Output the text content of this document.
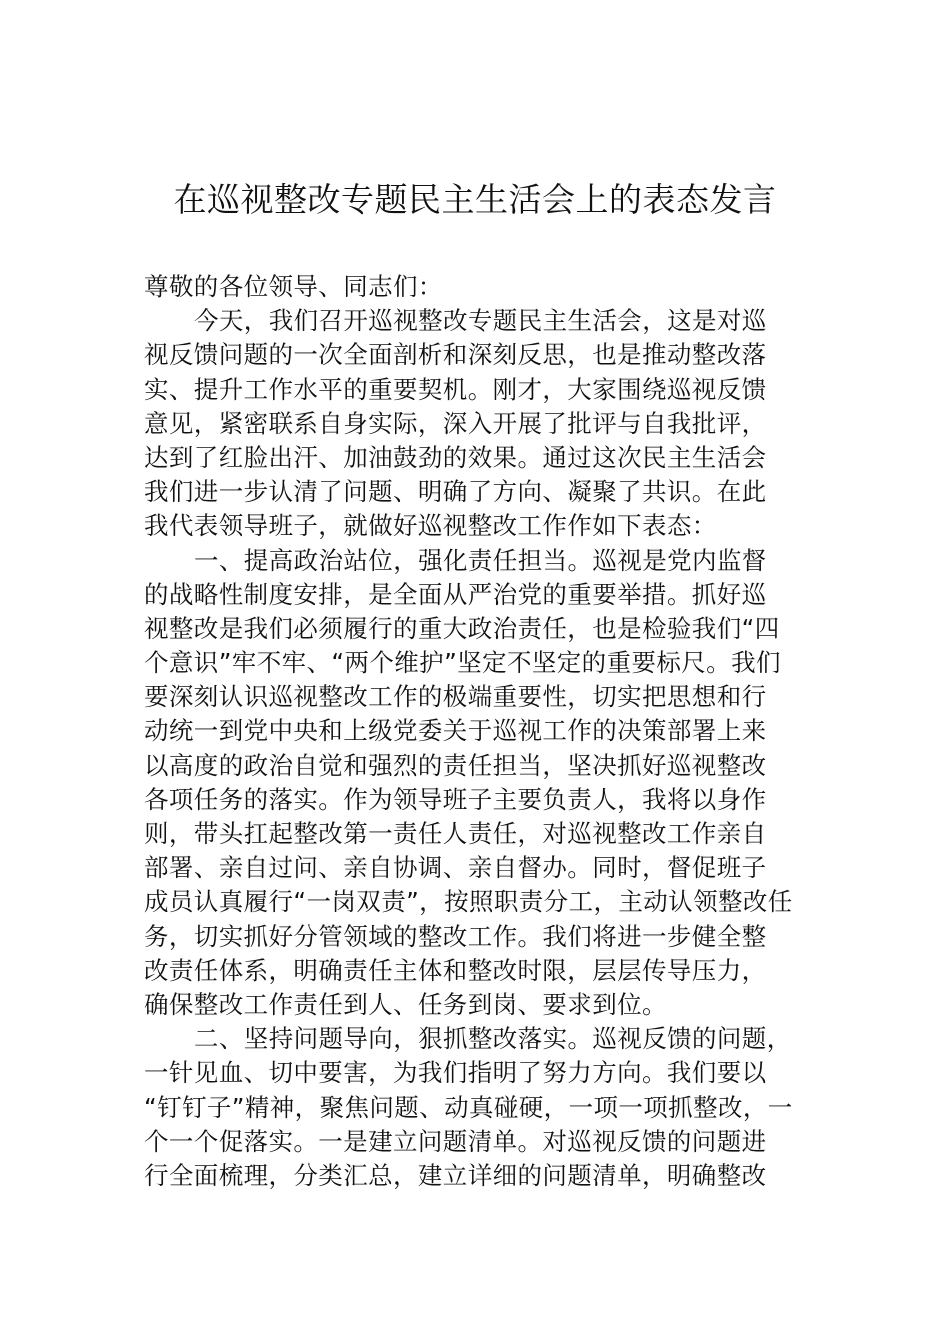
在巡视整改专题民主生活会上的表态发言
尊敬的各位领导、同志们：
今天，我们召开巡视整改专题民主生活会，这是对巡
视反馈问题的一次全面剖析和深刻反思，也是推动整改落
实、提升工作水平的重要契机。刚才，大家围绕巡视反馈
意见，紧密联系自身实际，深入开展了批评与自我批评，
达到了红脸出汗、加油鼓劲的效果。通过这次民主生活会
我们进一步认清了问题、明确了方向、凝聚了共识。在此
我代表领导班子，就做好巡视整改工作作如下表态：
一、提高政治站位，强化责任担当。巡视是党内监督
的战略性制度安排，是全面从严治党的重要举措。抓好巡
视整改是我们必须履行的重大政治责任，也是检验我们“四
个意识”牢不牢、“两个维护”坚定不坚定的重要标尺。我们
要深刻认识巡视整改工作的极端重要性，切实把思想和行
动统一到党中央和上级党委关于巡视工作的决策部署上来
以高度的政治自觉和强烈的责任担当，坚决抓好巡视整改
各项任务的落实。作为领导班子主要负责人，我将以身作
则，带头扛起整改第一责任人责任，对巡视整改工作亲自
部署、亲自过问、亲自协调、亲自督办。同时，督促班子
成员认真履行“一岗双责”，按照职责分工，主动认领整改任
务，切实抓好分管领域的整改工作。我们将进一步健全整
改责任体系，明确责任主体和整改时限，层层传导压力，
确保整改工作责任到人、任务到岗、要求到位。
二、坚持问题导向，狠抓整改落实。巡视反馈的问题，
一针见血、切中要害，为我们指明了努力方向。我们要以
“钉钉子”精神，聚焦问题、动真碰硬，一项一项抓整改，一
个一个促落实。一是建立问题清单。对巡视反馈的问题进
行全面梳理，分类汇总，建立详细的问题清单，明确整改
